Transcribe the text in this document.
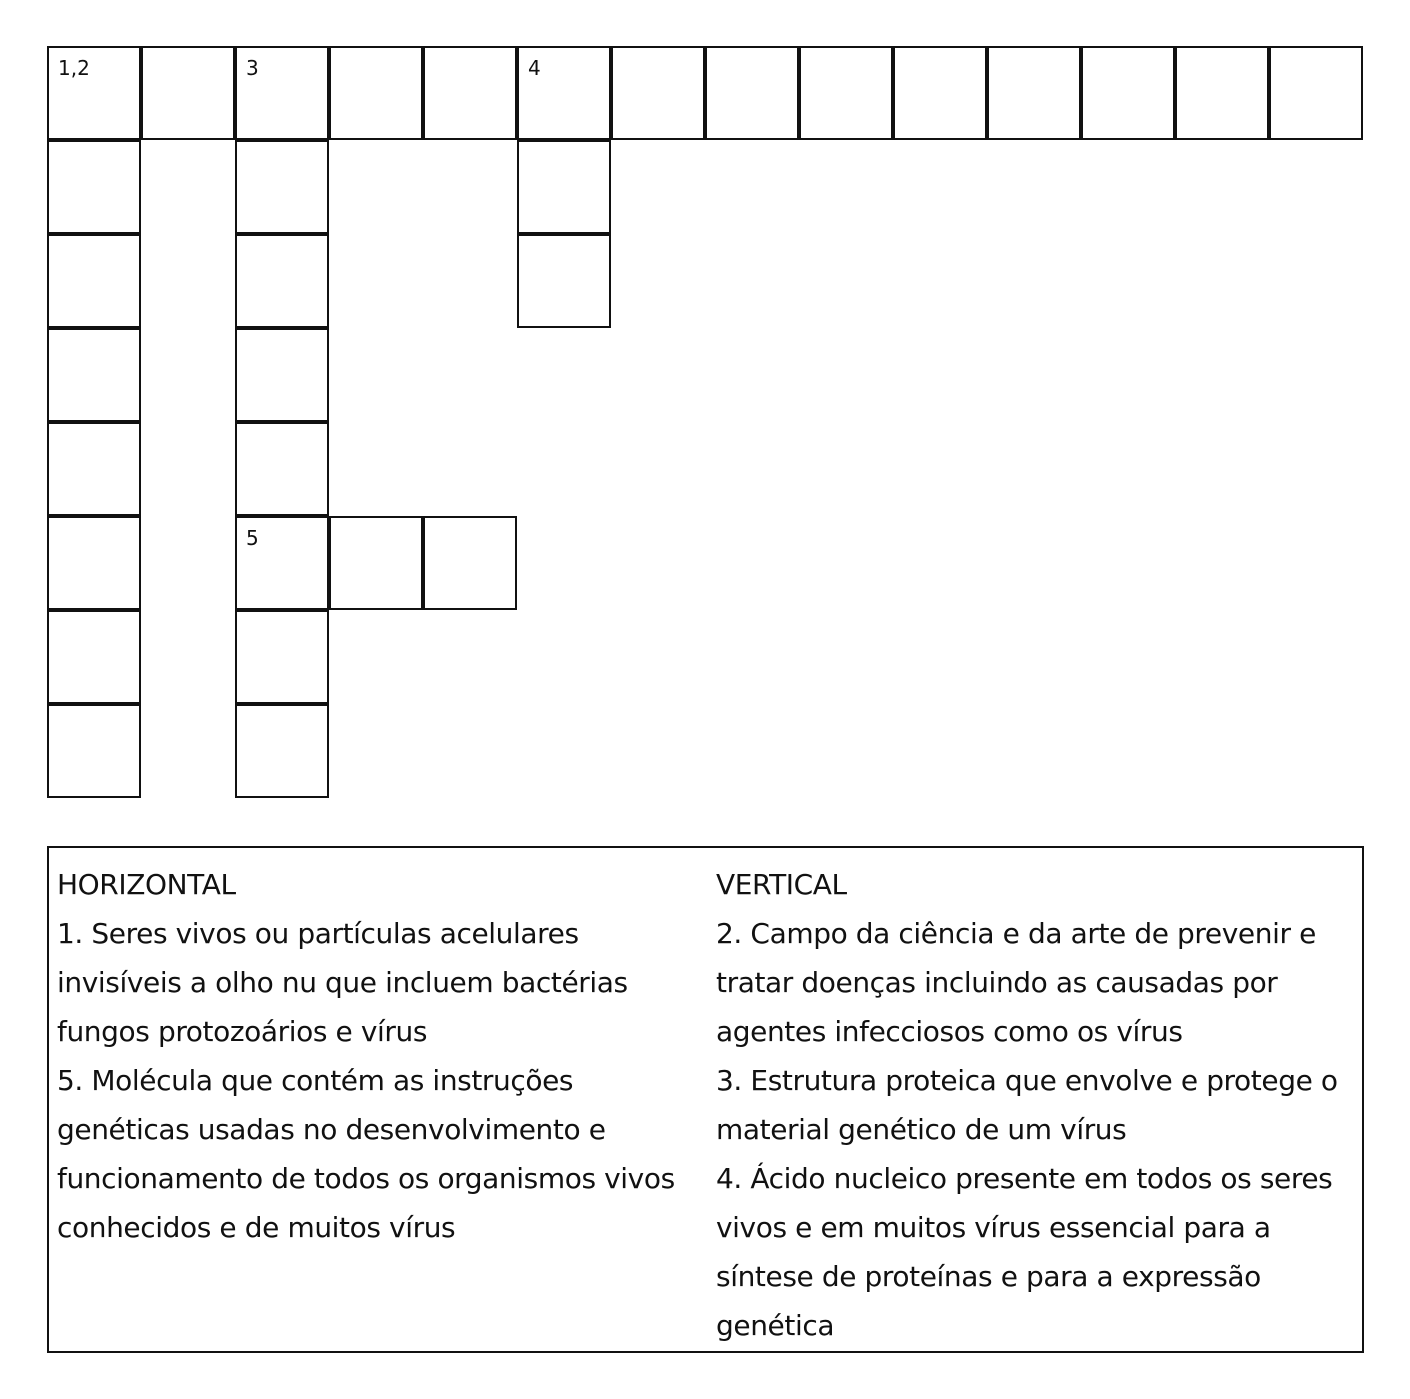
1,2	3	4
5
HORIZONTAL
1. Seres vivos ou partículas acelulares invisíveis a olho nu que incluem bactérias fungos protozoários e vírus
5. Molécula que contém as instruções genéticas usadas no desenvolvimento e funcionamento de todos os organismos vivos conhecidos e de muitos vírus
VERTICAL
2. Campo da ciência e da arte de prevenir e tratar doenças incluindo as causadas por agentes infecciosos como os vírus
3. Estrutura proteica que envolve e protege o material genético de um vírus
4. Ácido nucleico presente em todos os seres vivos e em muitos vírus essencial para a síntese de proteínas e para a expressão genética
